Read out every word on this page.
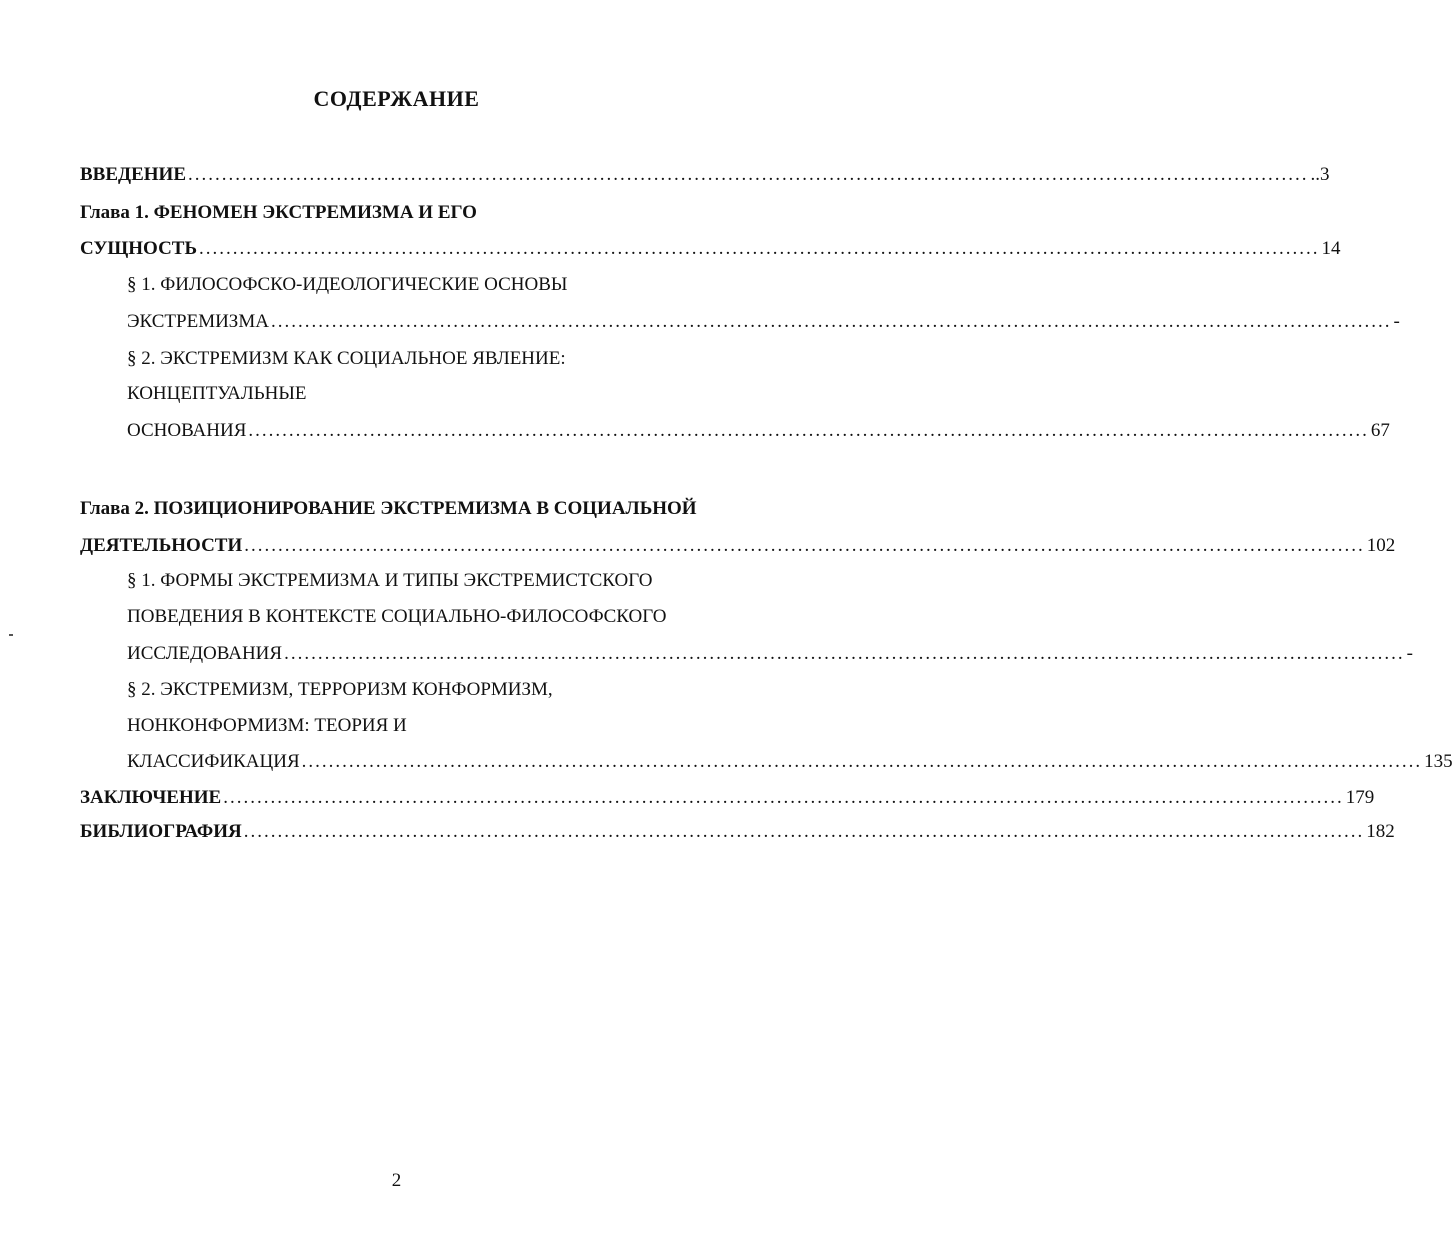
СОДЕРЖАНИЕ
ВВЕДЕНИЕ ...................................................................................................................................................................... ..3
Глава 1. ФЕНОМЕН ЭКСТРЕМИЗМА И ЕГО
СУЩНОСТЬ ...................................................................................................................................................................... 14
§ 1. ФИЛОСОФСКО-ИДЕОЛОГИЧЕСКИЕ ОСНОВЫ
ЭКСТРЕМИЗМА ...................................................................................................................................................................... -
§ 2. ЭКСТРЕМИЗМ КАК СОЦИАЛЬНОЕ ЯВЛЕНИЕ:
КОНЦЕПТУАЛЬНЫЕ
ОСНОВАНИЯ ...................................................................................................................................................................... 67
Глава 2. ПОЗИЦИОНИРОВАНИЕ ЭКСТРЕМИЗМА В СОЦИАЛЬНОЙ
ДЕЯТЕЛЬНОСТИ ...................................................................................................................................................................... 102
§ 1. ФОРМЫ ЭКСТРЕМИЗМА И ТИПЫ ЭКСТРЕМИСТСКОГО
ПОВЕДЕНИЯ В КОНТЕКСТЕ СОЦИАЛЬНО-ФИЛОСОФСКОГО
ИССЛЕДОВАНИЯ ...................................................................................................................................................................... -
§ 2. ЭКСТРЕМИЗМ, ТЕРРОРИЗМ КОНФОРМИЗМ,
НОНКОНФОРМИЗМ: ТЕОРИЯ И
КЛАССИФИКАЦИЯ ...................................................................................................................................................................... 135
ЗАКЛЮЧЕНИЕ ...................................................................................................................................................................... 179
БИБЛИОГРАФИЯ ...................................................................................................................................................................... 182
2
